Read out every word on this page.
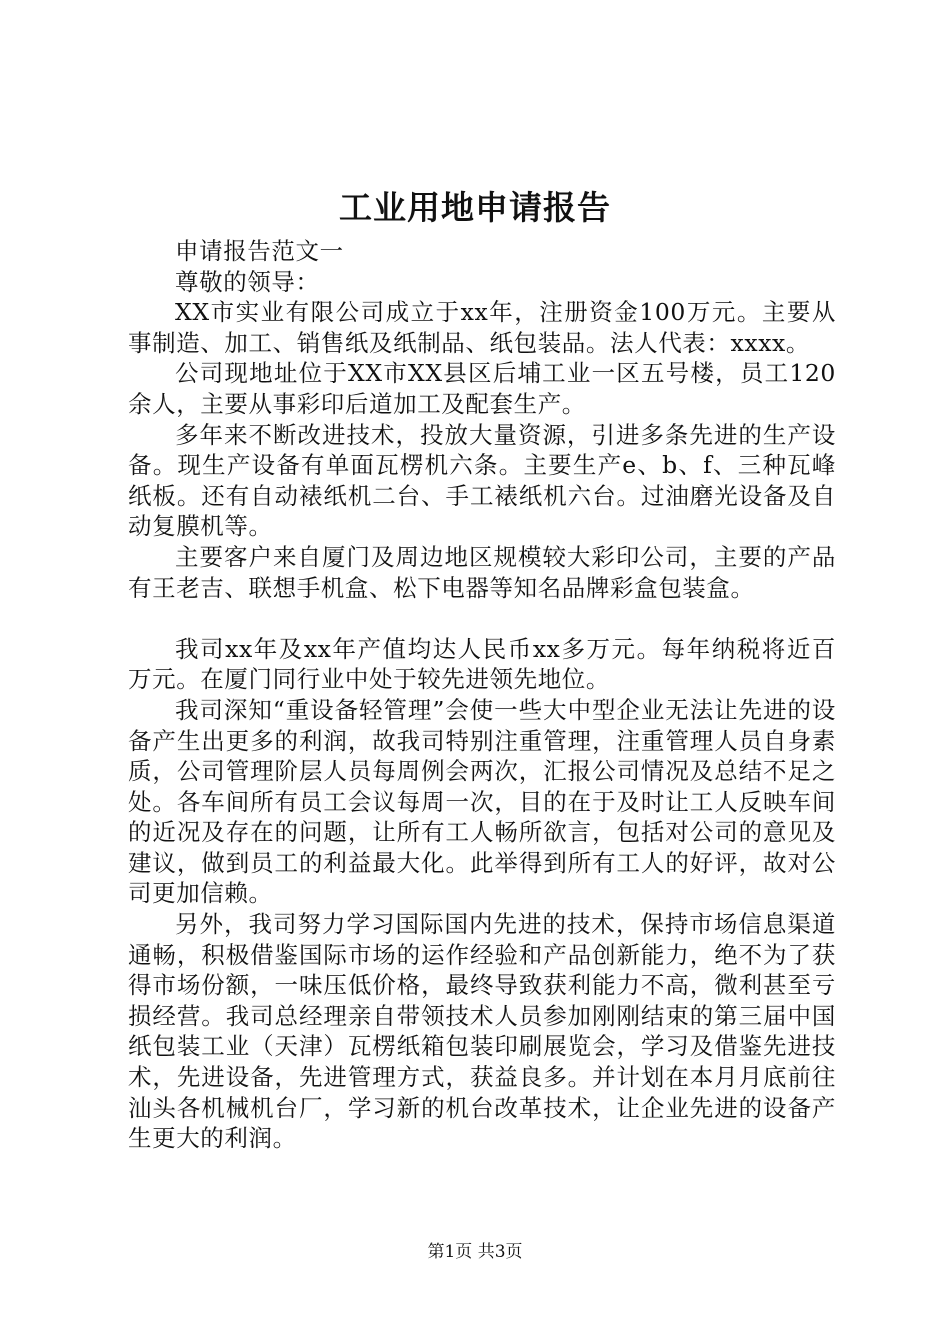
工业用地申请报告

申请报告范文一

尊敬的领导：

XX市实业有限公司成立于xx年，注册资金100万元。主要从事制造、加工、销售纸及纸制品、纸包装品。法人代表：xxxx。

公司现地址位于XX市XX县区后埔工业一区五号楼，员工120余人，主要从事彩印后道加工及配套生产。

多年来不断改进技术，投放大量资源，引进多条先进的生产设备。现生产设备有单面瓦楞机六条。主要生产e、b、f、三种瓦峰纸板。还有自动裱纸机二台、手工裱纸机六台。过油磨光设备及自动复膜机等。

主要客户来自厦门及周边地区规模较大彩印公司，主要的产品有王老吉、联想手机盒、松下电器等知名品牌彩盒包装盒。

我司xx年及xx年产值均达人民币xx多万元。每年纳税将近百万元。在厦门同行业中处于较先进领先地位。

我司深知“重设备轻管理”会使一些大中型企业无法让先进的设备产生出更多的利润，故我司特别注重管理，注重管理人员自身素质，公司管理阶层人员每周例会两次，汇报公司情况及总结不足之处。各车间所有员工会议每周一次，目的在于及时让工人反映车间的近况及存在的问题，让所有工人畅所欲言，包括对公司的意见及建议，做到员工的利益最大化。此举得到所有工人的好评，故对公司更加信赖。

另外，我司努力学习国际国内先进的技术，保持市场信息渠道通畅，积极借鉴国际市场的运作经验和产品创新能力，绝不为了获得市场份额，一味压低价格，最终导致获利能力不高，微利甚至亏损经营。我司总经理亲自带领技术人员参加刚刚结束的第三届中国纸包装工业（天津）瓦楞纸箱包装印刷展览会，学习及借鉴先进技术，先进设备，先进管理方式，获益良多。并计划在本月月底前往汕头各机械机台厂，学习新的机台改革技术，让企业先进的设备产生更大的利润。

第1页 共3页
